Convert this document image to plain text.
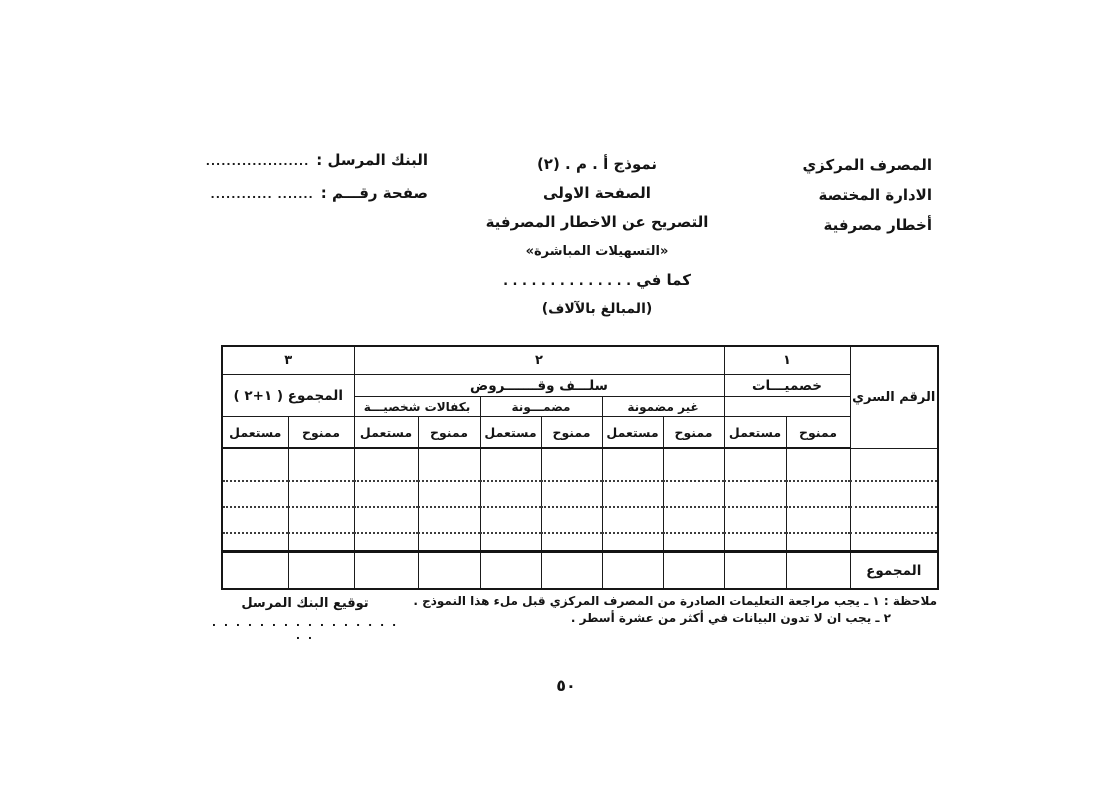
المصرف المركزي
الادارة المختصة
أخطار مصرفية
نموذج أ . م . (٢)
الصفحة الاولى
التصريح عن الاخطار المصرفية
«التسهيلات المباشرة»
كما في . . . . . . . . . . . . . .
(المبالغ بالآلاف)
البنك المرسل :
....................
صفحة رقـــم :
....... ............
الرقم السري	١		٢						٣	
	خصميـــات		سلـــف وقـــــــروض						المجموع ( ١+٢ )	
			غير مضمونة		مضمـــونة		بكفالات شخصيـــة			
	ممنوح	مستعمل	ممنوح	مستعمل	ممنوح	مستعمل	ممنوح	مستعمل	ممنوح	مستعمل

المجموع										
ملاحظة : ١ ـ يجب مراجعة التعليمات الصادرة من المصرف المركزي قبل ملء هذا النموذج .
٢ ـ يجب ان لا تدون البيانات في أكثر من عشرة أسطر .
توقيع البنك المرسل
. . . . . . . . . . . . . . . . . .
٥٠
